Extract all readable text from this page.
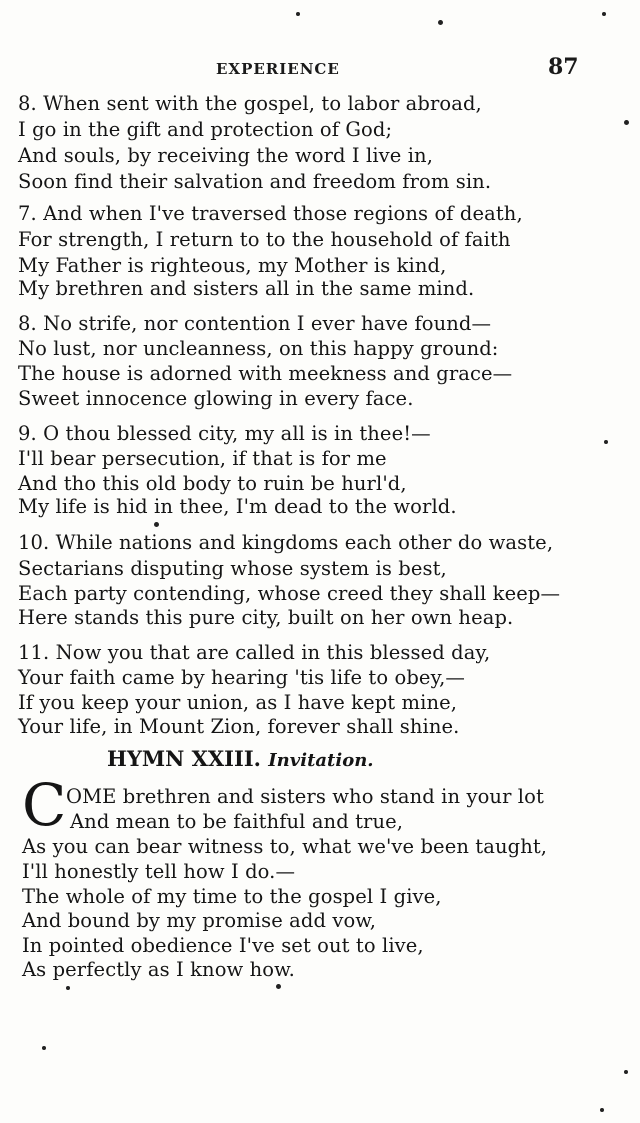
EXPERIENCE	87
8. When sent with the gospel, to labor abroad,
I go in the gift and protection of God;
And souls, by receiving the word I live in,
Soon find their salvation and freedom from sin.
7. And when I've traversed those regions of death,
For strength, I return to to the household of faith
My Father is righteous, my Mother is kind,
My brethren and sisters all in the same mind.
8. No strife, nor contention I ever have found—
No lust, nor uncleanness, on this happy ground:
The house is adorned with meekness and grace—
Sweet innocence glowing in every face.
9. O thou blessed city, my all is in thee!—
I'll bear persecution, if that is for me
And tho this old body to ruin be hurl'd,
My life is hid in thee, I'm dead to the world.
10. While nations and kingdoms each other do waste,
Sectarians disputing whose system is best,
Each party contending, whose creed they shall keep—
Here stands this pure city, built on her own heap.
11. Now you that are called in this blessed day,
Your faith came by hearing 'tis life to obey,—
If you keep your union, as I have kept mine,
Your life, in Mount Zion, forever shall shine.
HYMN XXIII. Invitation.
C OME brethren and sisters who stand in your lot
And mean to be faithful and true,
As you can bear witness to, what we've been taught,
I'll honestly tell how I do.—
The whole of my time to the gospel I give,
And bound by my promise add vow,
In pointed obedience I've set out to live,
As perfectly as I know how.
